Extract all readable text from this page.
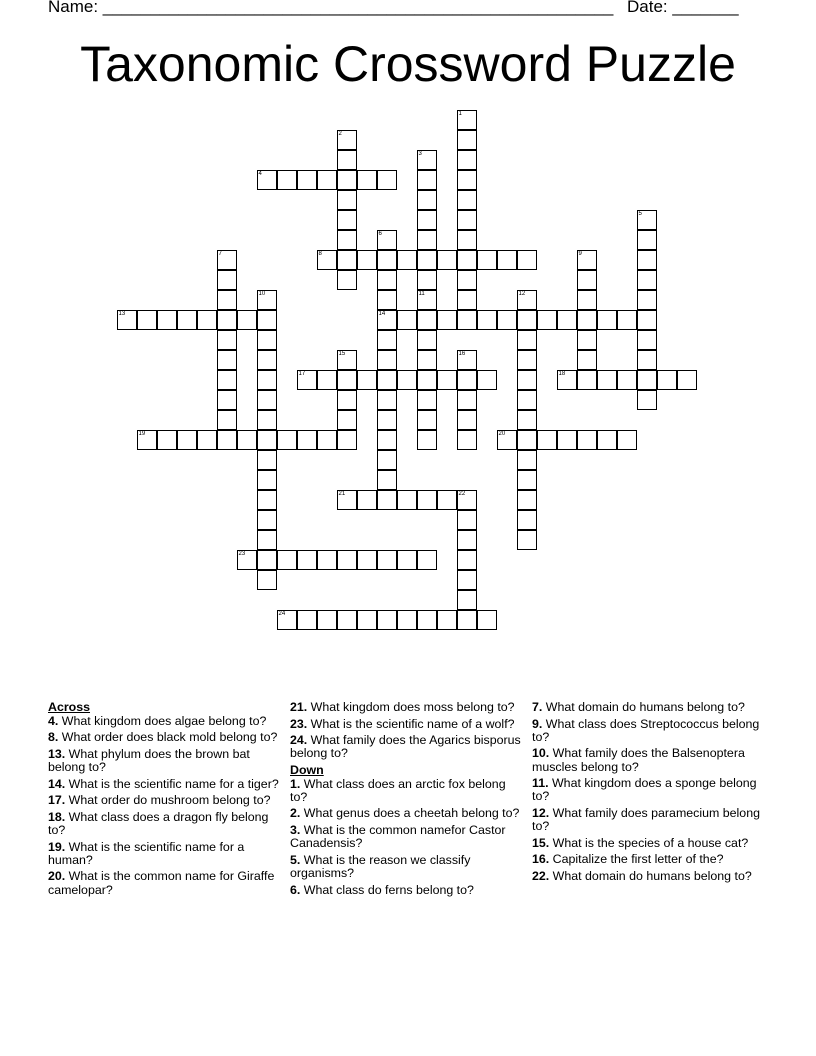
Name: ______________________________________________________ Date: _______
Taxonomic Crossword Puzzle
1
2
3
11
4
5
6
14
7	8	9
10	12
13
15	16
17	18
19	20
21	22
23
24
Across
4. What kingdom does algae belong to?
8. What order does black mold belong to?
13. What phylum does the brown bat belong to?
14. What is the scientific name for a tiger?
17. What order do mushroom belong to?
18. What class does a dragon fly belong to?
19. What is the scientific name for a human?
20. What is the common name for Giraffe camelopar?
21. What kingdom does moss belong to?
23. What is the scientific name of a wolf?
24. What family does the Agarics bisporus belong to?
Down
1. What class does an arctic fox belong to?
2. What genus does a cheetah belong to?
3. What is the common namefor Castor Canadensis?
5. What is the reason we classify organisms?
6. What class do ferns belong to?
7. What domain do humans belong to?
9. What class does Streptococcus belong to?
10. What family does the Balsenoptera muscles belong to?
11. What kingdom does a sponge belong to?
12. What family does paramecium belong to?
15. What is the species of a house cat?
16. Capitalize the first letter of the?
22. What domain do humans belong to?
